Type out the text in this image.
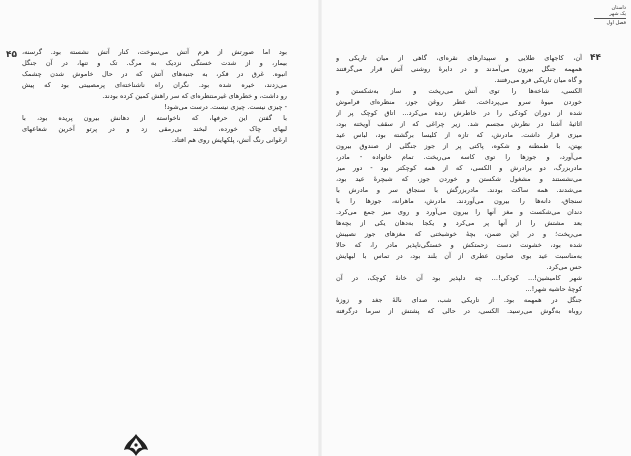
۴۵ بود اما صورتش از هرم آتش می‌سوخت، کنار آتش نشسته بود. گرسنه،
بیمار، و از شدت خستگی نزدیک به مرگ. تک و تنها، در آن جنگل
انبوه. غرق در فکر، به جنبه‌های آتش که در حال خاموش شدن چشمک
می‌زدند، خیره شده بود. نگران راه ناشناخته‌ای پرمصیبتی بود که پیش
رو داشت، و خطرهای غیرمنتظره‌ای که سر راهش کمین کرده بودند.

- چیزی نیست. چیزی نیست. درست می‌شود!

با گفتن این حرفها، که ناخواسته از دهانش بیرون پریده بود، با
لبهای چاک خورده، لبخند بی‌رمقی زد و در پرتو آخرین شعاعهای
ارغوانی رنگ آتش، پلکهایش روی هم افتاد.

داستان
یک شهر
فصل اول
۴۴

آن، کاجهای طلایی و سپیدارهای نقره‌ای، گاهی از میان تاریکی و
همهمه جنگل بیرون می‌آمدند و در دایرهٔ روشنی آتش قرار می‌گرفتند
و گاه میان تاریکی فرو می‌رفتند.

الکسی، شاخه‌ها را توی آتش می‌ریخت و ساز به‌شکستن و
خوردن میوهٔ سرو می‌پرداخت. عطر روغن جوز، منظره‌ای فراموش
شده از دوران کودکی را در خاطرش زنده می‌کرد... اتاق کوچک پر از
اثاثیهٔ آشنا در نظرش مجسم شد. زیر چراغی که از سقف آویخته بود،
میزی قرار داشت. مادرش، که تازه از کلیسا برگشته بود، لباس عید
بهتن، با طمطنه و شکوه، پاکتی پر از جوز جنگلی از صندوق بیرون
می‌آورد، و جوزها را توی کاسه می‌ریخت. تمام خانواده - مادر،
مادربزرگ، دو برادرش و الکسی، که از همه کوچکتر بود - دور میز
می‌نشستند و مشغول شکستن و خوردن جوز، که شبچرهٔ عید بود،
می‌شدند. همه ساکت بودند. مادربزرگش با سنجاق سر و مادرش با
سنجاق، دانه‌ها را بیرون می‌آوردند. مادرش، ماهرانه، جوزها را با
دندان می‌شکست و مغز آنها را بیرون می‌آورد و روی میز جمع می‌کرد.
بعد مشتش را از آنها پر می‌کرد و یکجا به‌دهان یکی از بچه‌ها
می‌ریخت؛ و در این ضمن، بچهٔ خوشبختی که مغزهای جوز نصیبش
شده بود، خشونت دست زحمتکش و خستگی‌ناپذیر مادر را، که حالا
به‌مناسبت عید بوی صابون عطری از آن بلند بود، در تماس با لبهایش
حس می‌کرد.

شهر کامیشین!... کودکی!... چه دلپذیر بود آن خانهٔ کوچک، در آن
کوچهٔ حاشیه شهر!...

جنگل در همهمه بود. از تاریکی شب، صدای نالهٔ جغد و زوزهٔ
روباه به‌گوش می‌رسید. الکسی، در حالی که پشتش از سرما درگرفته
